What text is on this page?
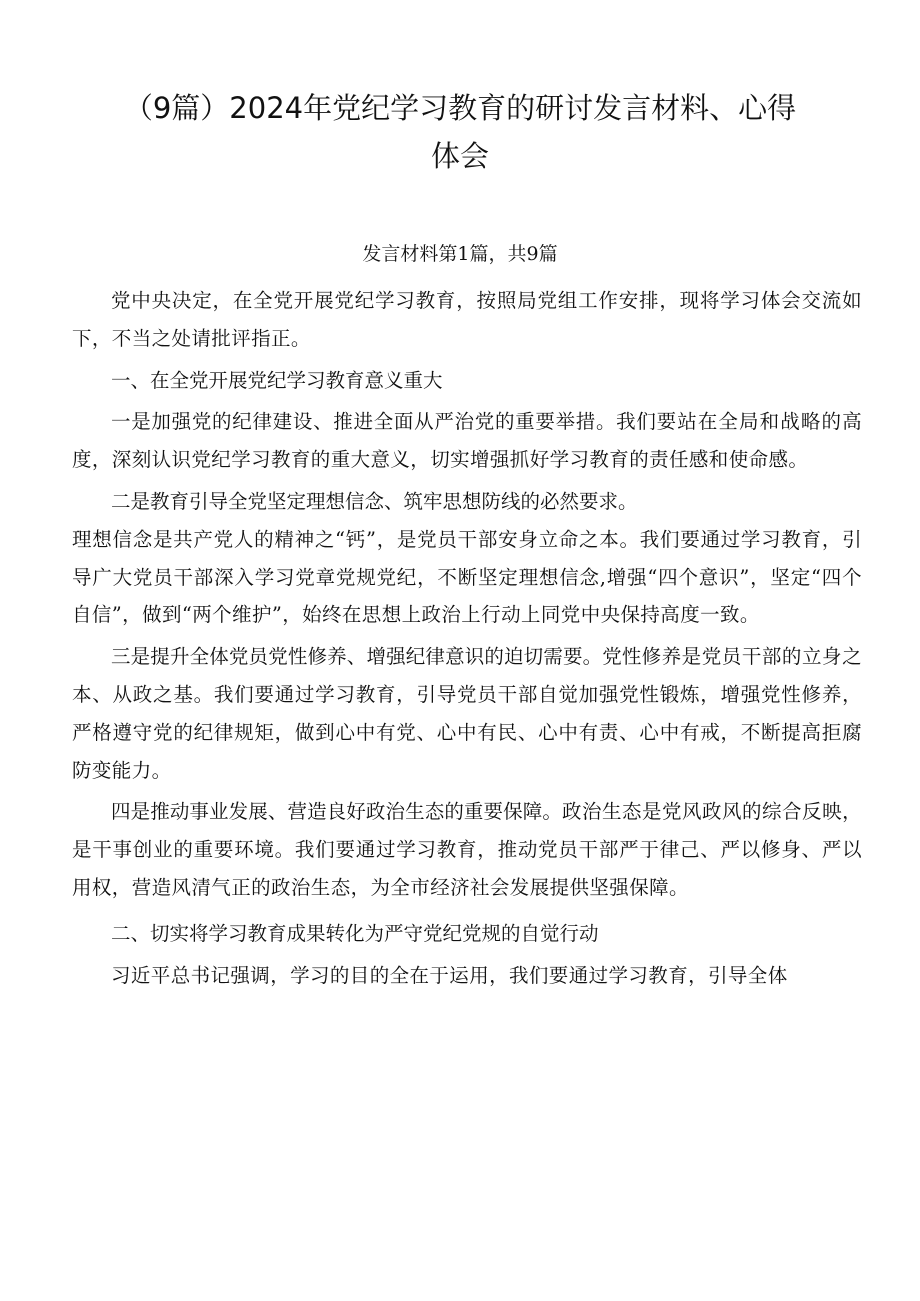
（9篇）2024年党纪学习教育的研讨发言材料、心得
体会
发言材料第1篇，共9篇

党中央决定，在全党开展党纪学习教育，按照局党组工作安排，现将学习体会交流如下，不当之处请批评指正。

一、在全党开展党纪学习教育意义重大

一是加强党的纪律建设、推进全面从严治党的重要举措。我们要站在全局和战略的高度，深刻认识党纪学习教育的重大意义，切实增强抓好学习教育的责任感和使命感。

二是教育引导全党坚定理想信念、筑牢思想防线的必然要求。

理想信念是共产党人的精神之“钙”，是党员干部安身立命之本。我们要通过学习教育，引导广大党员干部深入学习党章党规党纪，不断坚定理想信念,增强“四个意识”，坚定“四个自信”，做到“两个维护”，始终在思想上政治上行动上同党中央保持高度一致。

三是提升全体党员党性修养、增强纪律意识的迫切需要。党性修养是党员干部的立身之本、从政之基。我们要通过学习教育，引导党员干部自觉加强党性锻炼，增强党性修养，严格遵守党的纪律规矩，做到心中有党、心中有民、心中有责、心中有戒，不断提高拒腐防变能力。

四是推动事业发展、营造良好政治生态的重要保障。政治生态是党风政风的综合反映，是干事创业的重要环境。我们要通过学习教育，推动党员干部严于律己、严以修身、严以用权，营造风清气正的政治生态，为全市经济社会发展提供坚强保障。

二、切实将学习教育成果转化为严守党纪党规的自觉行动

习近平总书记强调，学习的目的全在于运用，我们要通过学习教育，引导全体
